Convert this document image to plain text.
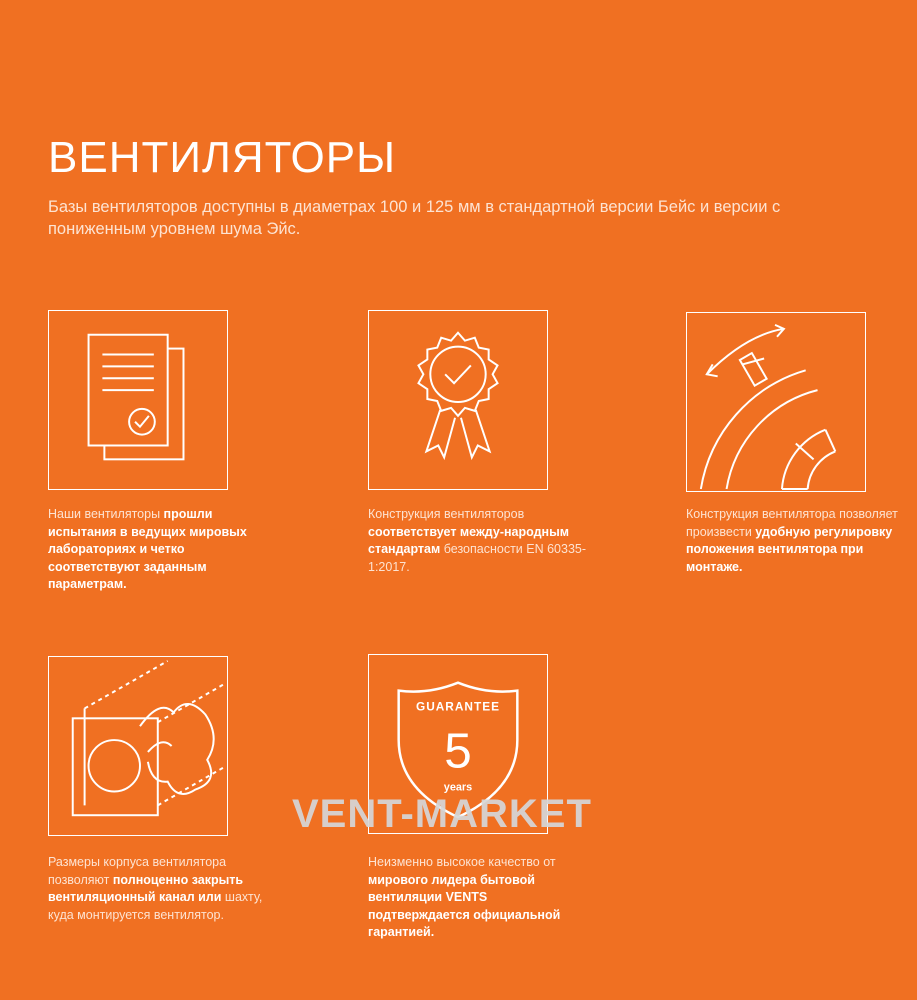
ВЕНТИЛЯТОРЫ

Базы вентиляторов доступны в диаметрах 100 и 125 мм в стандартной версии Бейс и версии с пониженным уровнем шума Эйс.

Наши вентиляторы прошли испытания в ведущих мировых лабораториях и четко соответствуют заданным параметрам.
Конструкция вентиляторов соответствует между-народным стандартам безопасности EN 60335-1:2017.
Конструкция вентилятора позволяет произвести удобную регулировку положения вентилятора при монтаже.
Размеры корпуса вентилятора позволяют полноценно закрыть вентиляционный канал или шахту, куда монтируется вентилятор.
GUARANTEE
5
years
Неизменно высокое качество от мирового лидера бытовой вентиляции VENTS подтверждается официальной гарантией.
VENT-MARKET
